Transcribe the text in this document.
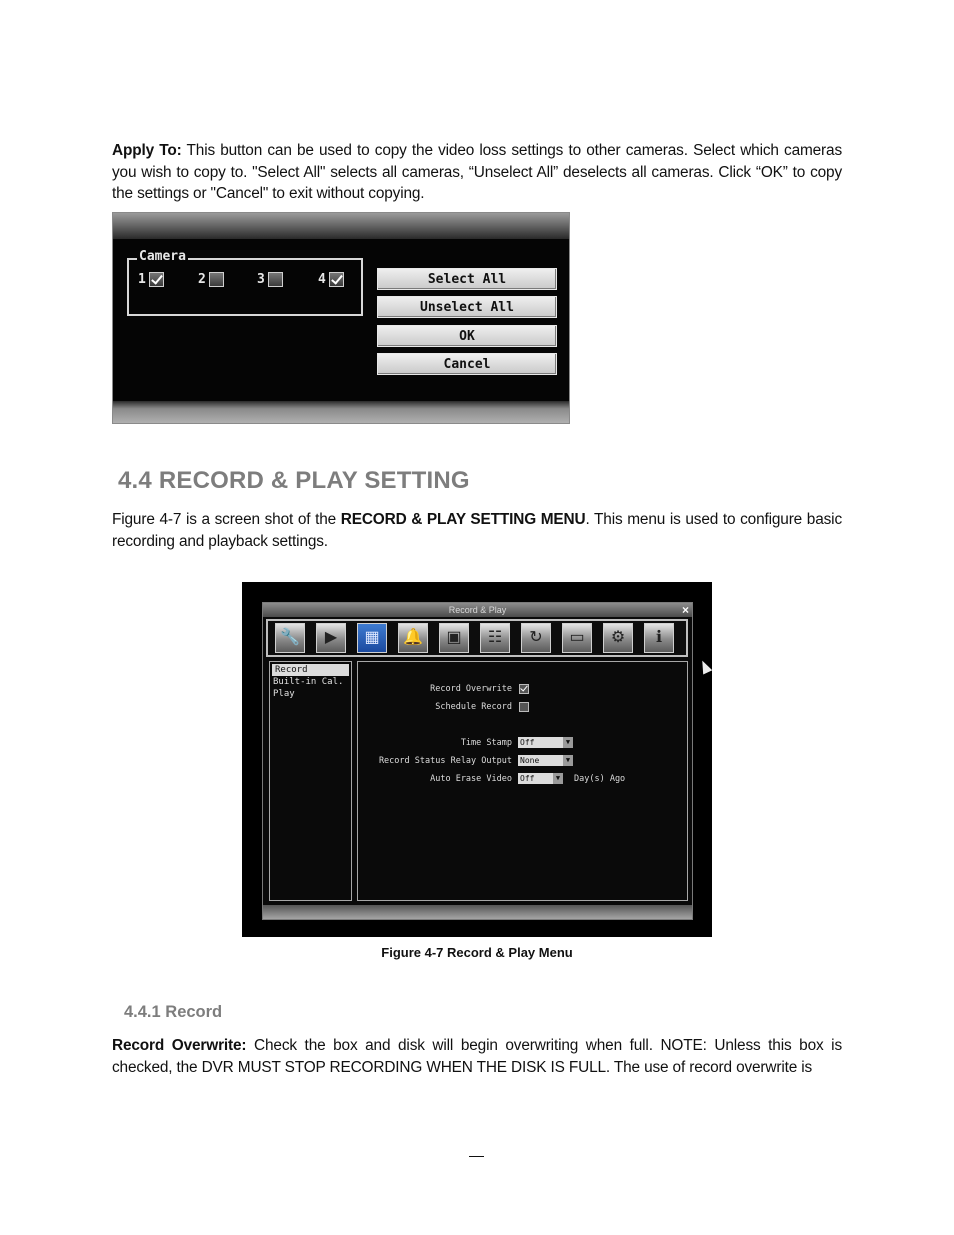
Apply To: This button can be used to copy the video loss settings to other cameras. Select which cameras you wish to copy to. "Select All" selects all cameras, “Unselect All” deselects all cameras. Click “OK” to copy the settings or "Cancel" to exit without copying.
Camera
1	2	3	4	Select All
Unselect All
OK
Cancel
4.4 RECORD & PLAY SETTING
Figure 4-7 is a screen shot of the RECORD & PLAY SETTING MENU. This menu is used to configure basic recording and playback settings.
Record & Play	×
🔧	▶	▦	🔔	▣	☷	↻	▭	⚙	ℹ
Record
Built-in Cal.
Play	Record Overwrite
Schedule Record
Time Stamp Off	▼
Record Status Relay Output None	▼
Auto Erase Video Off	▼	Day(s) Ago
Figure 4-7 Record & Play Menu
4.4.1 Record
Record Overwrite: Check the box and disk will begin overwriting when full. NOTE: Unless this box is checked, the DVR MUST STOP RECORDING WHEN THE DISK IS FULL. The use of record overwrite is
